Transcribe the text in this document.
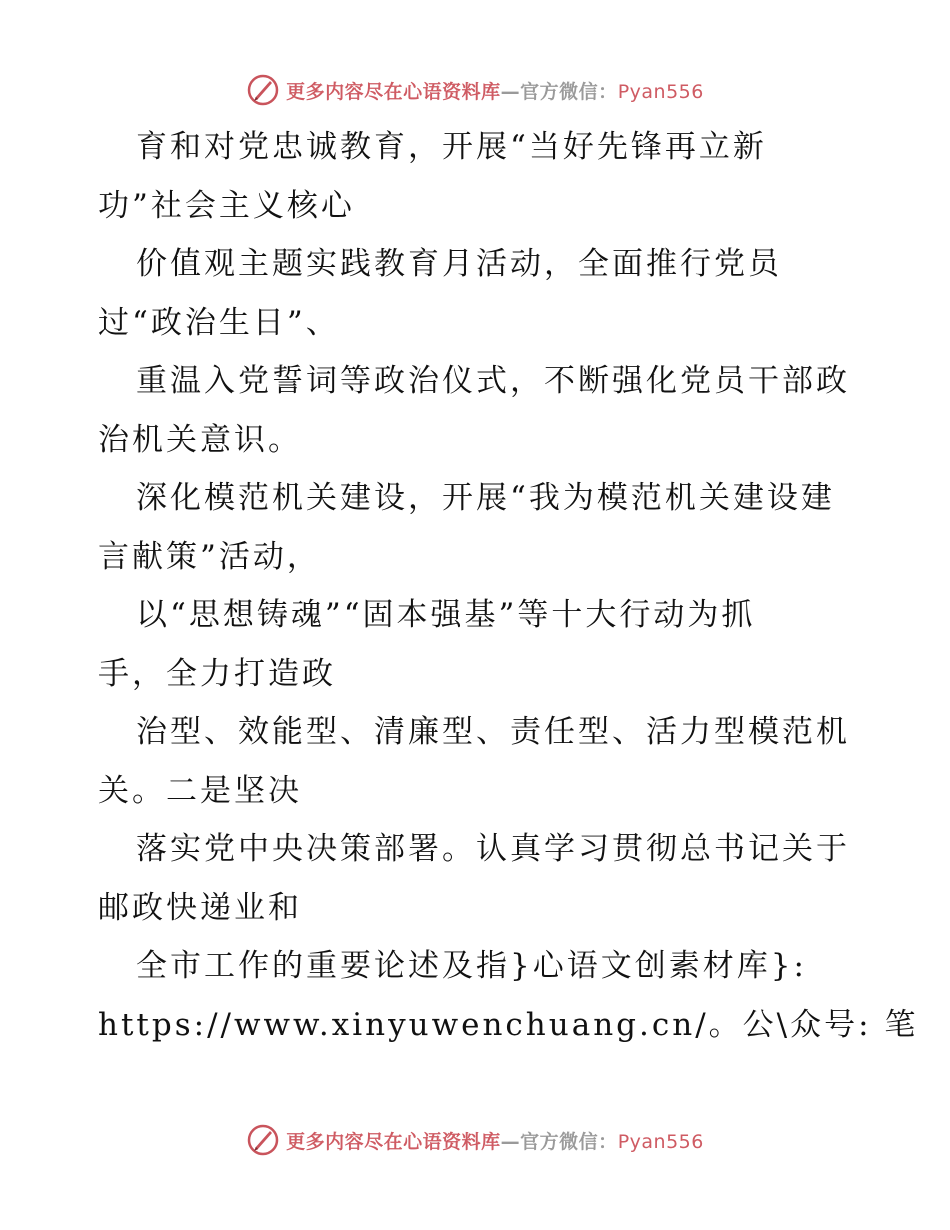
更多内容尽在心语资料库—官方微信：Pyan556
育和对党忠诚教育，开展“当好先锋再立新
功”社会主义核心
价值观主题实践教育月活动，全面推行党员
过“政治生日”、
重温入党誓词等政治仪式，不断强化党员干部政
治机关意识。
深化模范机关建设，开展“我为模范机关建设建
言献策”活动，
以“思想铸魂”“固本强基”等十大行动为抓
手，全力打造政
治型、效能型、清廉型、责任型、活力型模范机
关。二是坚决
落实党中央决策部署。认真学习贯彻总书记关于
邮政快递业和
全市工作的重要论述及指}心语文创素材库}:
https://www.xinyuwenchuang.cn/。公\众号: 笔
更多内容尽在心语资料库—官方微信：Pyan556
